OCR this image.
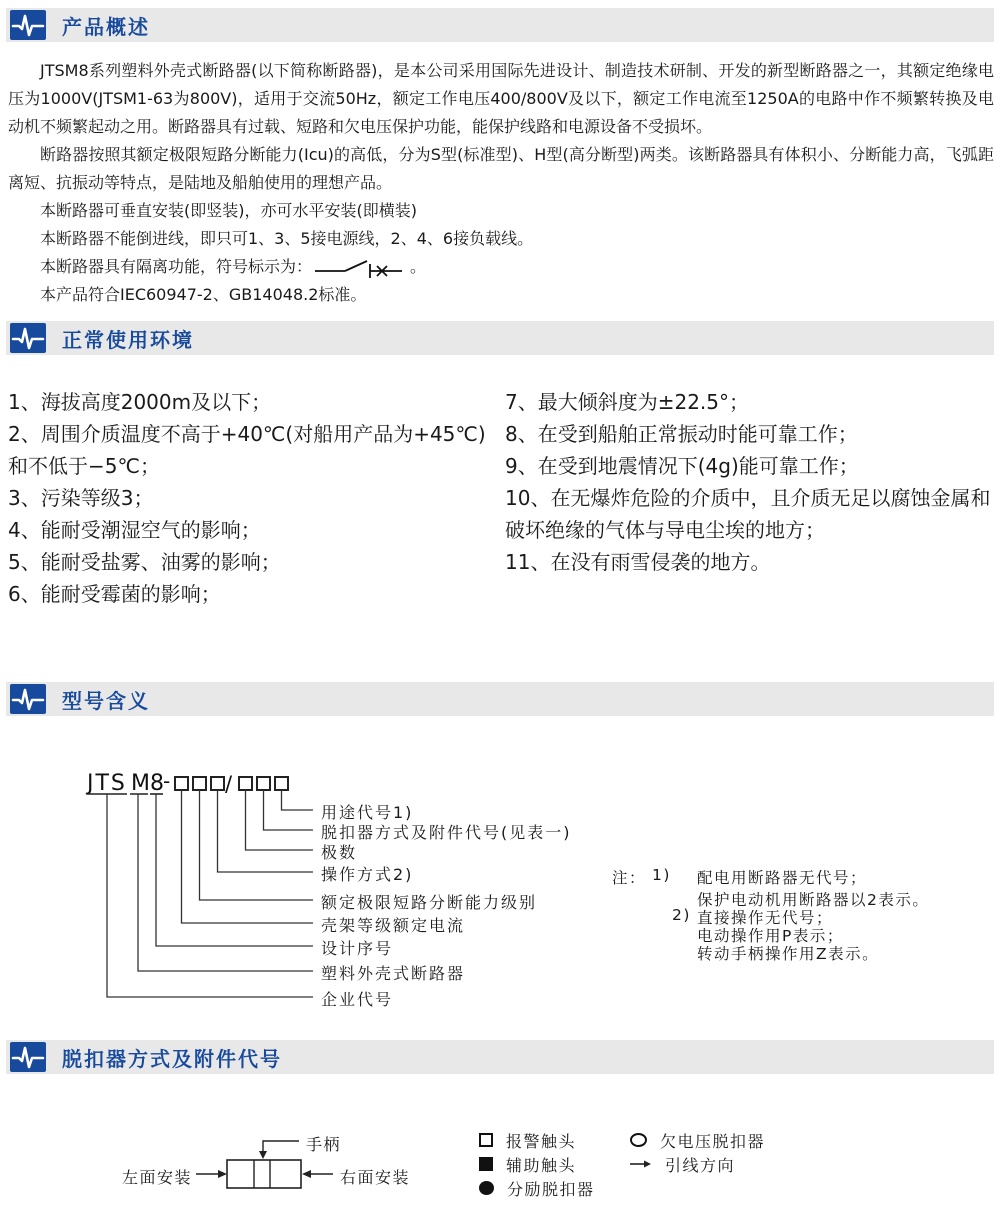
产品概述

JTSM8系列塑料外壳式断路器(以下简称断路器)，是本公司采用国际先进设计、制造技术研制、开发的新型断路器之一，其额定绝缘电压为1000V(JTSM1-63为800V)，适用于交流50Hz，额定工作电压400/800V及以下，额定工作电流至1250A的电路中作不频繁转换及电动机不频繁起动之用。断路器具有过载、短路和欠电压保护功能，能保护线路和电源设备不受损坏。

断路器按照其额定极限短路分断能力(Icu)的高低，分为S型(标准型)、H型(高分断型)两类。该断路器具有体积小、分断能力高，飞弧距离短、抗振动等特点，是陆地及船舶使用的理想产品。

本断路器可垂直安装(即竖装)，亦可水平安装(即横装)

本断路器不能倒进线，即只可1、3、5接电源线，2、4、6接负载线。

本断路器具有隔离功能，符号标示为：	。

本产品符合IEC60947-2、GB14048.2标准。

正常使用环境
1、海拔高度2000m及以下；
2、周围介质温度不高于+40℃(对船用产品为+45℃)和不低于−5℃；
3、污染等级3；
4、能耐受潮湿空气的影响；
5、能耐受盐雾、油雾的影响；
6、能耐受霉菌的影响；
7、最大倾斜度为±22.5°；
8、在受到船舶正常振动时能可靠工作；
9、在受到地震情况下(4g)能可靠工作；
10、在无爆炸危险的介质中，且介质无足以腐蚀金属和破坏绝缘的气体与导电尘埃的地方；
11、在没有雨雪侵袭的地方。
型号含义
JTS M 8 -	/
用途代号1)
脱扣器方式及附件代号(见表一)
极数
操作方式2)
额定极限短路分断能力级别
壳架等级额定电流
设计序号
塑料外壳式断路器
企业代号
注： 1) 配电用断路器无代号；
保护电动机用断路器以2表示。
2) 直接操作无代号；
电动操作用P表示；
转动手柄操作用Z表示。
脱扣器方式及附件代号
手柄
左面安装	右面安装
报警触头
辅助触头
分励脱扣器
欠电压脱扣器
引线方向
